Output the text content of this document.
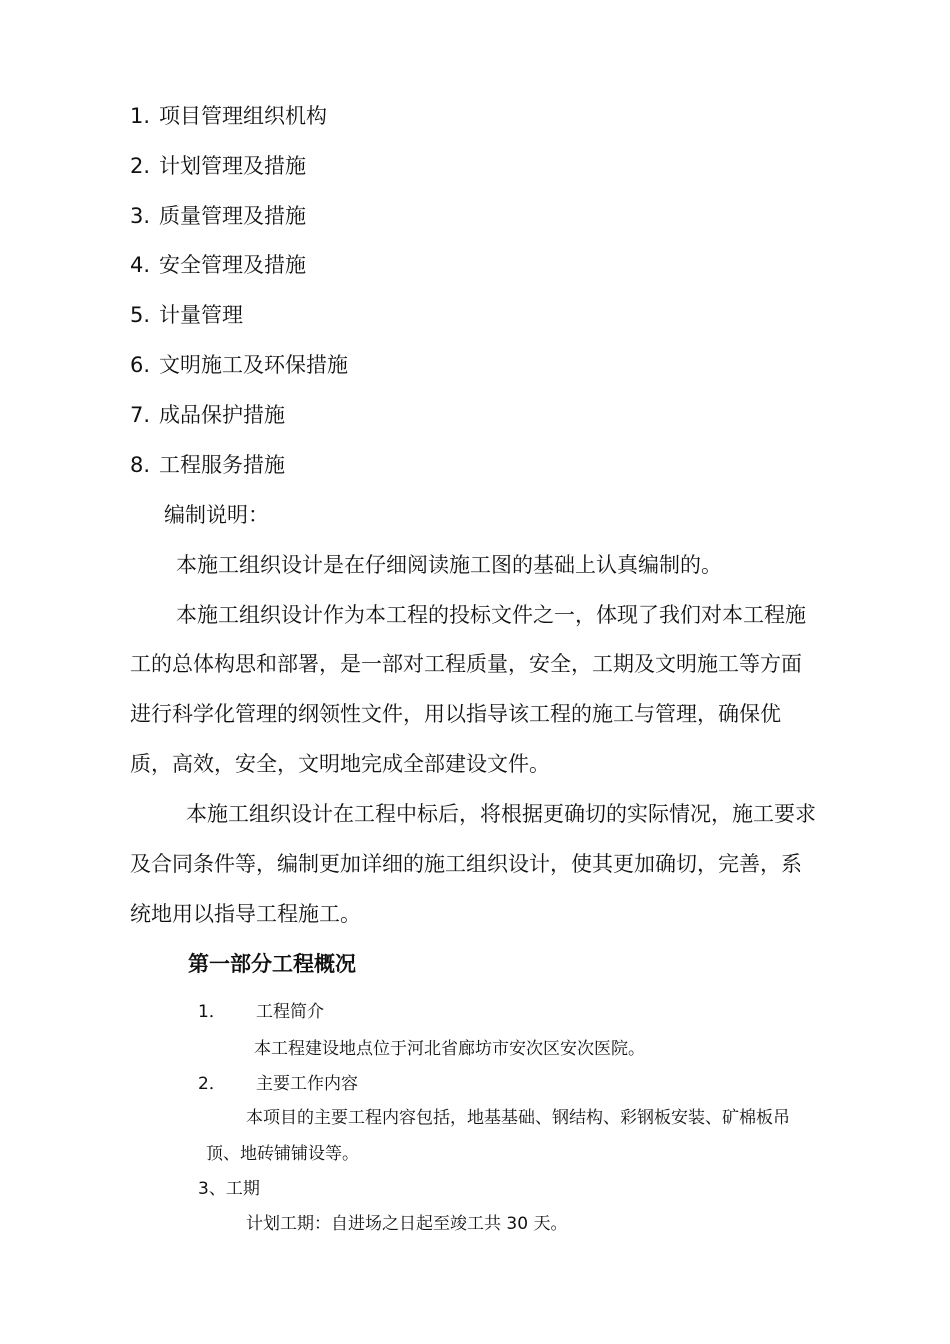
1. 项目管理组织机构
2. 计划管理及措施
3. 质量管理及措施
4. 安全管理及措施
5. 计量管理
6. 文明施工及环保措施
7. 成品保护措施
8. 工程服务措施
编制说明：
本施工组织设计是在仔细阅读施工图的基础上认真编制的。
本施工组织设计作为本工程的投标文件之一，体现了我们对本工程施
工的总体构思和部署，是一部对工程质量，安全，工期及文明施工等方面
进行科学化管理的纲领性文件，用以指导该工程的施工与管理，确保优
质，高效，安全，文明地完成全部建设文件。
本施工组织设计在工程中标后，将根据更确切的实际情况，施工要求
及合同条件等，编制更加详细的施工组织设计，使其更加确切，完善，系
统地用以指导工程施工。
第一部分工程概况
1． 工程简介
本工程建设地点位于河北省廊坊市安次区安次医院。
2． 主要工作内容
本项目的主要工程内容包括，地基基础、钢结构、彩钢板安装、矿棉板吊
顶、地砖铺铺设等。
3、工期
计划工期：自进场之日起至竣工共 30 天。
